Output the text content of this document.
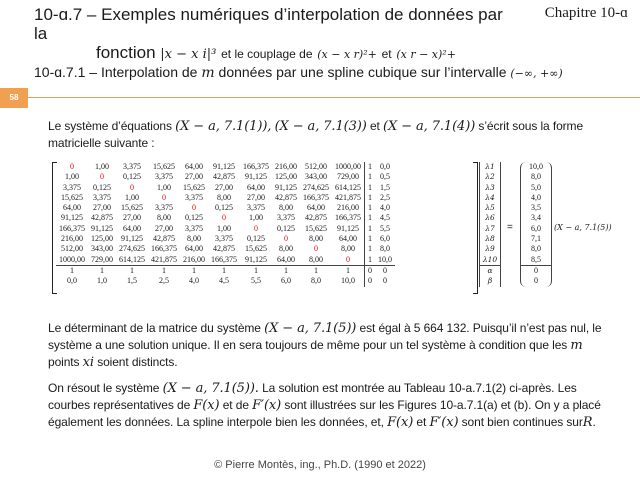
10-ɑ.7 – Exemples numériques d’interpolation de données par la
fonction |x − x i|³ et le couplage de (x − x r)²+ et (x r − x)²+
Chapitre 10-ɑ
10-ɑ.7.1 – Interpolation de m données par une spline cubique sur l’intervalle (−∞, +∞)
58
Le système d’équations (X − a, 7.1(1)), (X − a, 7.1(3)) et (X − a, 7.1(4)) s’écrit sous la forme matricielle suivante :
0	1,00	3,375	15,625	64,00	91,125	166,375	216,00	512,00	1000,00	1	0,0
1,00	0	0,125	3,375	27,00	42,875	91,125	125,00	343,00	729,00	1	0,5
3,375	0,125	0	1,00	15,625	27,00	64,00	91,125	274,625	614,125	1	1,5
15,625	3,375	1,00	0	3,375	8,00	27,00	42,875	166,375	421,875	1	2,5
64,00	27,00	15,625	3,375	0	0,125	3,375	8,00	64,00	216,00	1	4,0
91,125	42,875	27,00	8,00	0,125	0	1,00	3,375	42,875	166,375	1	4,5
166,375	91,125	64,00	27,00	3,375	1,00	0	0,125	15,625	91,125	1	5,5
216,00	125,00	91,125	42,875	8,00	3,375	0,125	0	8,00	64,00	1	6,0
512,00	343,00	274,625	166,375	64,00	42,875	15,625	8,00	0	8,00	1	8,0
1000,00	729,00	614,125	421,875	216,00	166,375	91,125	64,00	8,00	0	1	10,0
1	1	1	1	1	1	1	1	1	1	0	0
0,0	1,0	1,5	2,5	4,0	4,5	5,5	6,0	8,0	10,0	0	0
λ1
λ2
λ3
λ4
λ5
λ6
λ7
λ8
λ9
λ10
α
β
=
10,0
8,0
5,0
4,0
3,5
3,4
6,0
7,1
8,0
8,5
0
0
(X − a, 7.1(5))
Le déterminant de la matrice du système (X − a, 7.1(5)) est égal à 5 664 132. Puisqu’il n’est pas nul, le système a une solution unique. Il en sera toujours de même pour un tel système à condition que les m points xi soient distincts.
On résout le système (X − a, 7.1(5)). La solution est montrée au Tableau 10-a.7.1(2) ci-après. Les courbes représentatives de F(x) et de F′(x) sont illustrées sur les Figures 10-a.7.1(a) et (b). On y a placé également les données. La spline interpole bien les données, et, F(x) et F′(x) sont bien continues surR.
© Pierre Montès, ing., Ph.D. (1990 et 2022)
